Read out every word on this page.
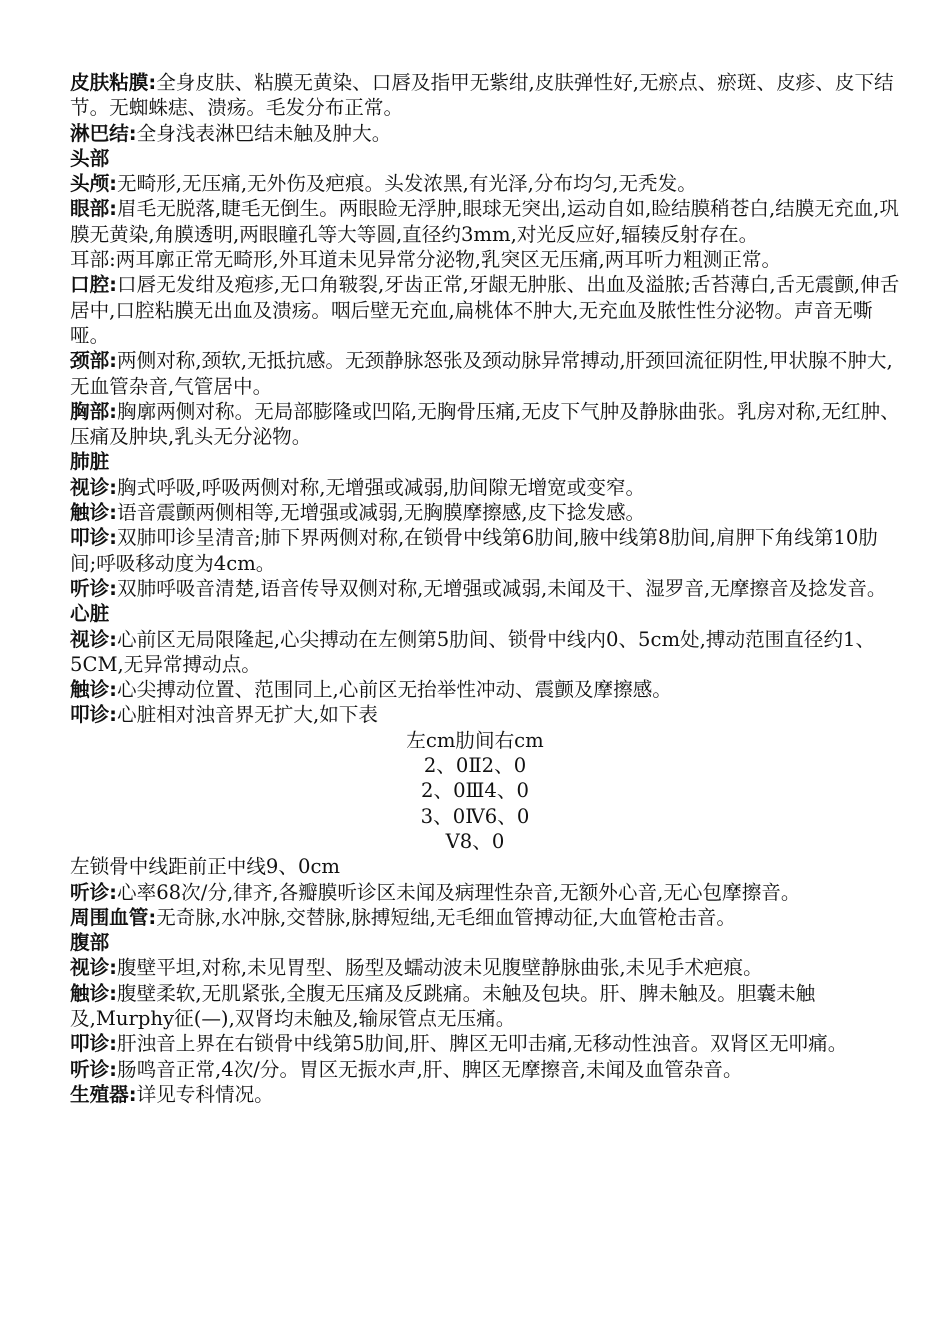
皮肤粘膜:全身皮肤、粘膜无黄染、口唇及指甲无紫绀,皮肤弹性好,无瘀点、瘀斑、皮疹、皮下结节。无蜘蛛痣、溃疡。毛发分布正常。

淋巴结:全身浅表淋巴结未触及肿大。

头部

头颅:无畸形,无压痛,无外伤及疤痕。头发浓黑,有光泽,分布均匀,无秃发。

眼部:眉毛无脱落,睫毛无倒生。两眼睑无浮肿,眼球无突出,运动自如,睑结膜稍苍白,结膜无充血,巩膜无黄染,角膜透明,两眼瞳孔等大等圆,直径约3mm,对光反应好,辐辏反射存在。

耳部:两耳廓正常无畸形,外耳道未见异常分泌物,乳突区无压痛,两耳听力粗测正常。

口腔:口唇无发绀及疱疹,无口角皲裂,牙齿正常,牙龈无肿胀、出血及溢脓;舌苔薄白,舌无震颤,伸舌居中,口腔粘膜无出血及溃疡。咽后壁无充血,扁桃体不肿大,无充血及脓性性分泌物。声音无嘶哑。

颈部:两侧对称,颈软,无抵抗感。无颈静脉怒张及颈动脉异常搏动,肝颈回流征阴性,甲状腺不肿大,无血管杂音,气管居中。

胸部:胸廓两侧对称。无局部膨隆或凹陷,无胸骨压痛,无皮下气肿及静脉曲张。乳房对称,无红肿、压痛及肿块,乳头无分泌物。

肺脏

视诊:胸式呼吸,呼吸两侧对称,无增强或减弱,肋间隙无增宽或变窄。

触诊:语音震颤两侧相等,无增强或减弱,无胸膜摩擦感,皮下捻发感。

叩诊:双肺叩诊呈清音;肺下界两侧对称,在锁骨中线第6肋间,腋中线第8肋间,肩胛下角线第10肋间;呼吸移动度为4cm。

听诊:双肺呼吸音清楚,语音传导双侧对称,无增强或减弱,未闻及干、湿罗音,无摩擦音及捻发音。

心脏

视诊:心前区无局限隆起,心尖搏动在左侧第5肋间、锁骨中线内0、5cm处,搏动范围直径约1、5CM,无异常搏动点。

触诊:心尖搏动位置、范围同上,心前区无抬举性冲动、震颤及摩擦感。

叩诊:心脏相对浊音界无扩大,如下表

左cm肋间右cm

2、0Ⅱ2、0

2、0Ⅲ4、0

3、0Ⅳ6、0

Ⅴ8、0

左锁骨中线距前正中线9、0cm

听诊:心率68次/分,律齐,各瓣膜听诊区未闻及病理性杂音,无额外心音,无心包摩擦音。

周围血管:无奇脉,水冲脉,交替脉,脉搏短绌,无毛细血管搏动征,大血管枪击音。

腹部

视诊:腹壁平坦,对称,未见胃型、肠型及蠕动波未见腹壁静脉曲张,未见手术疤痕。

触诊:腹壁柔软,无肌紧张,全腹无压痛及反跳痛。未触及包块。肝、脾未触及。胆囊未触及,Murphy征(—),双肾均未触及,输尿管点无压痛。

叩诊:肝浊音上界在右锁骨中线第5肋间,肝、脾区无叩击痛,无移动性浊音。双肾区无叩痛。

听诊:肠鸣音正常,4次/分。胃区无振水声,肝、脾区无摩擦音,未闻及血管杂音。

生殖器:详见专科情况。
